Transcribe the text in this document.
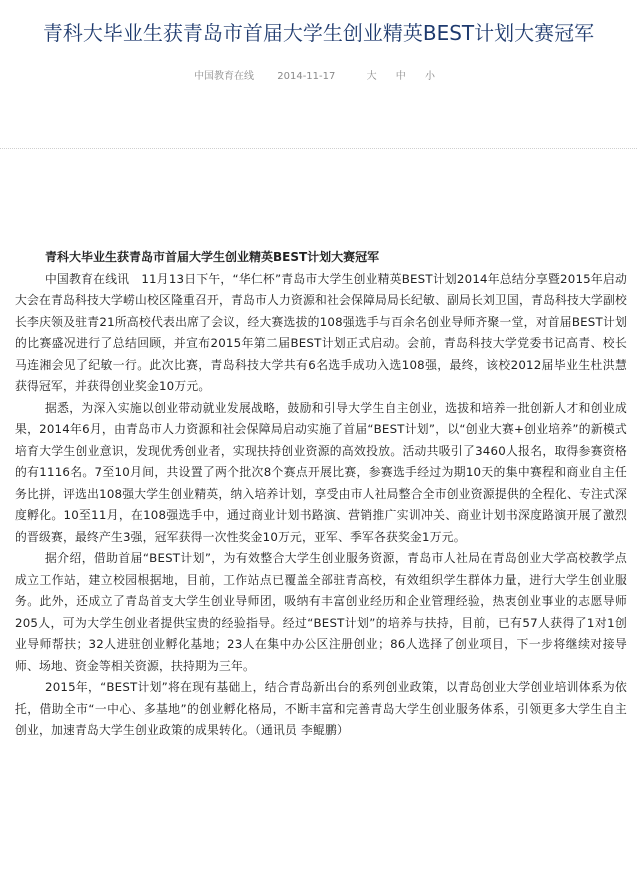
青科大毕业生获青岛市首届大学生创业精英BEST计划大赛冠军
中国教育在线 2014-11-17	大 中 小
青科大毕业生获青岛市首届大学生创业精英BEST计划大赛冠军

中国教育在线讯　11月13日下午，“华仁杯”青岛市大学生创业精英BEST计划2014年总结分享暨2015年启动大会在青岛科技大学崂山校区隆重召开，青岛市人力资源和社会保障局局长纪敏、副局长刘卫国，青岛科技大学副校长李庆领及驻青21所高校代表出席了会议，经大赛选拔的108强选手与百余名创业导师齐聚一堂，对首届BEST计划的比赛盛况进行了总结回顾，并宣布2015年第二届BEST计划正式启动。会前，青岛科技大学党委书记高青、校长马连湘会见了纪敏一行。此次比赛，青岛科技大学共有6名选手成功入选108强，最终，该校2012届毕业生杜洪慧获得冠军，并获得创业奖金10万元。

据悉，为深入实施以创业带动就业发展战略，鼓励和引导大学生自主创业，选拔和培养一批创新人才和创业成果，2014年6月，由青岛市人力资源和社会保障局启动实施了首届“BEST计划”，以“创业大赛+创业培养”的新模式培育大学生创业意识，发现优秀创业者，实现扶持创业资源的高效投放。活动共吸引了3460人报名，取得参赛资格的有1116名。7至10月间，共设置了两个批次8个赛点开展比赛，参赛选手经过为期10天的集中赛程和商业自主任务比拼，评选出108强大学生创业精英，纳入培养计划，享受由市人社局整合全市创业资源提供的全程化、专注式深度孵化。10至11月，在108强选手中，通过商业计划书路演、营销推广实训冲关、商业计划书深度路演开展了激烈的晋级赛，最终产生3强，冠军获得一次性奖金10万元，亚军、季军各获奖金1万元。

据介绍，借助首届“BEST计划”，为有效整合大学生创业服务资源，青岛市人社局在青岛创业大学高校教学点成立工作站，建立校园根据地，目前，工作站点已覆盖全部驻青高校，有效组织学生群体力量，进行大学生创业服务。此外，还成立了青岛首支大学生创业导师团，吸纳有丰富创业经历和企业管理经验，热衷创业事业的志愿导师205人，可为大学生创业者提供宝贵的经验指导。经过“BEST计划”的培养与扶持，目前，已有57人获得了1对1创业导师帮扶；32人进驻创业孵化基地；23人在集中办公区注册创业；86人选择了创业项目，下一步将继续对接导师、场地、资金等相关资源，扶持期为三年。

2015年，“BEST计划”将在现有基础上，结合青岛新出台的系列创业政策，以青岛创业大学创业培训体系为依托，借助全市“一中心、多基地”的创业孵化格局，不断丰富和完善青岛大学生创业服务体系，引领更多大学生自主创业，加速青岛大学生创业政策的成果转化。（通讯员 李鲲鹏）
